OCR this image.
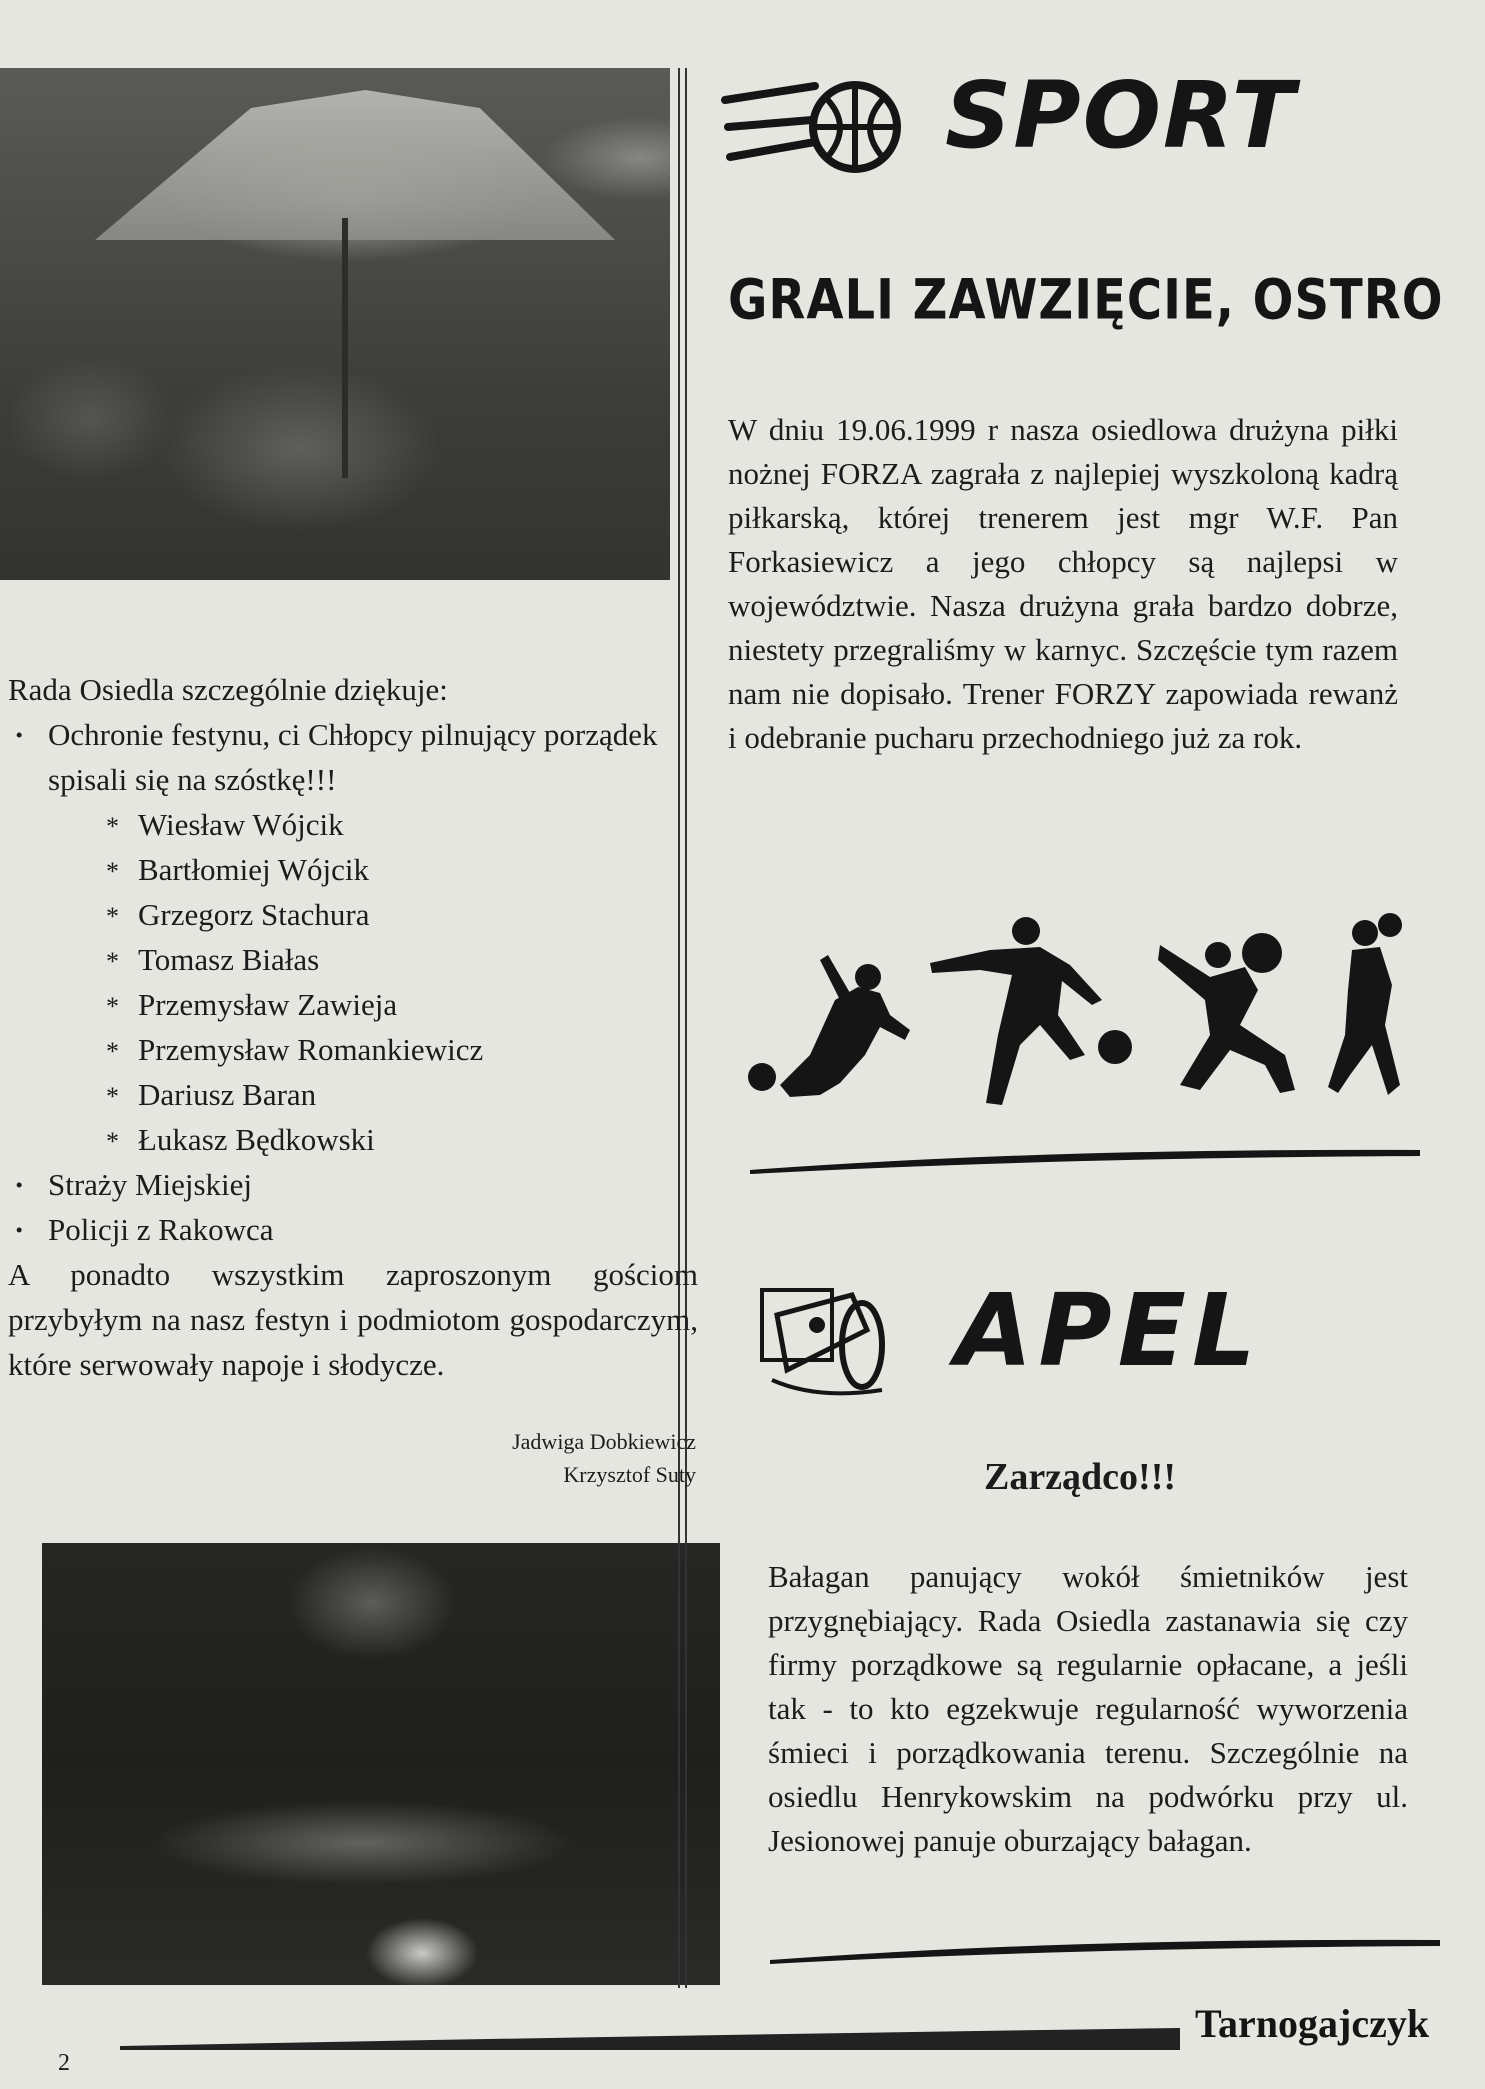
Rada Osiedla szczególnie dziękuje:

· Ochronie festynu, ci Chłopcy pilnujący porządek spisali się na szóstkę!!!
* Wiesław Wójcik
* Bartłomiej Wójcik
* Grzegorz Stachura
* Tomasz Białas
* Przemysław Zawieja
* Przemysław Romankiewicz
* Dariusz Baran
* Łukasz Będkowski
· Straży Miejskiej
· Policji z Rakowca

A ponadto wszystkim zaproszonym gościom przybyłym na nasz festyn i podmiotom gospodarczym, które serwowały napoje i słodycze.

Jadwiga Dobkiewicz
Krzysztof Suty
SPORT
GRALI ZAWZIĘCIE, OSTRO

W dniu 19.06.1999 r nasza osiedlowa drużyna piłki nożnej FORZA zagrała z najlepiej wyszkoloną kadrą piłkarską, której trenerem jest mgr W.F. Pan Forkasiewicz a jego chłopcy są najlepsi w województwie. Nasza drużyna grała bardzo dobrze, niestety przegraliśmy w karnyc. Szczęście tym razem nam nie dopisało. Trener FORZY zapowiada rewanż i odebranie pucharu przechodniego już za rok.

APEL
Zarządco!!!

Bałagan panujący wokół śmietników jest przygnębiający. Rada Osiedla zastanawia się czy firmy porządkowe są regularnie opłacane, a jeśli tak - to kto egzekwuje regularność wyworzenia śmieci i porządkowania terenu. Szczególnie na osiedlu Henrykowskim na podwórku przy ul. Jesionowej panuje oburzający bałagan.

Tarnogajczyk
2
